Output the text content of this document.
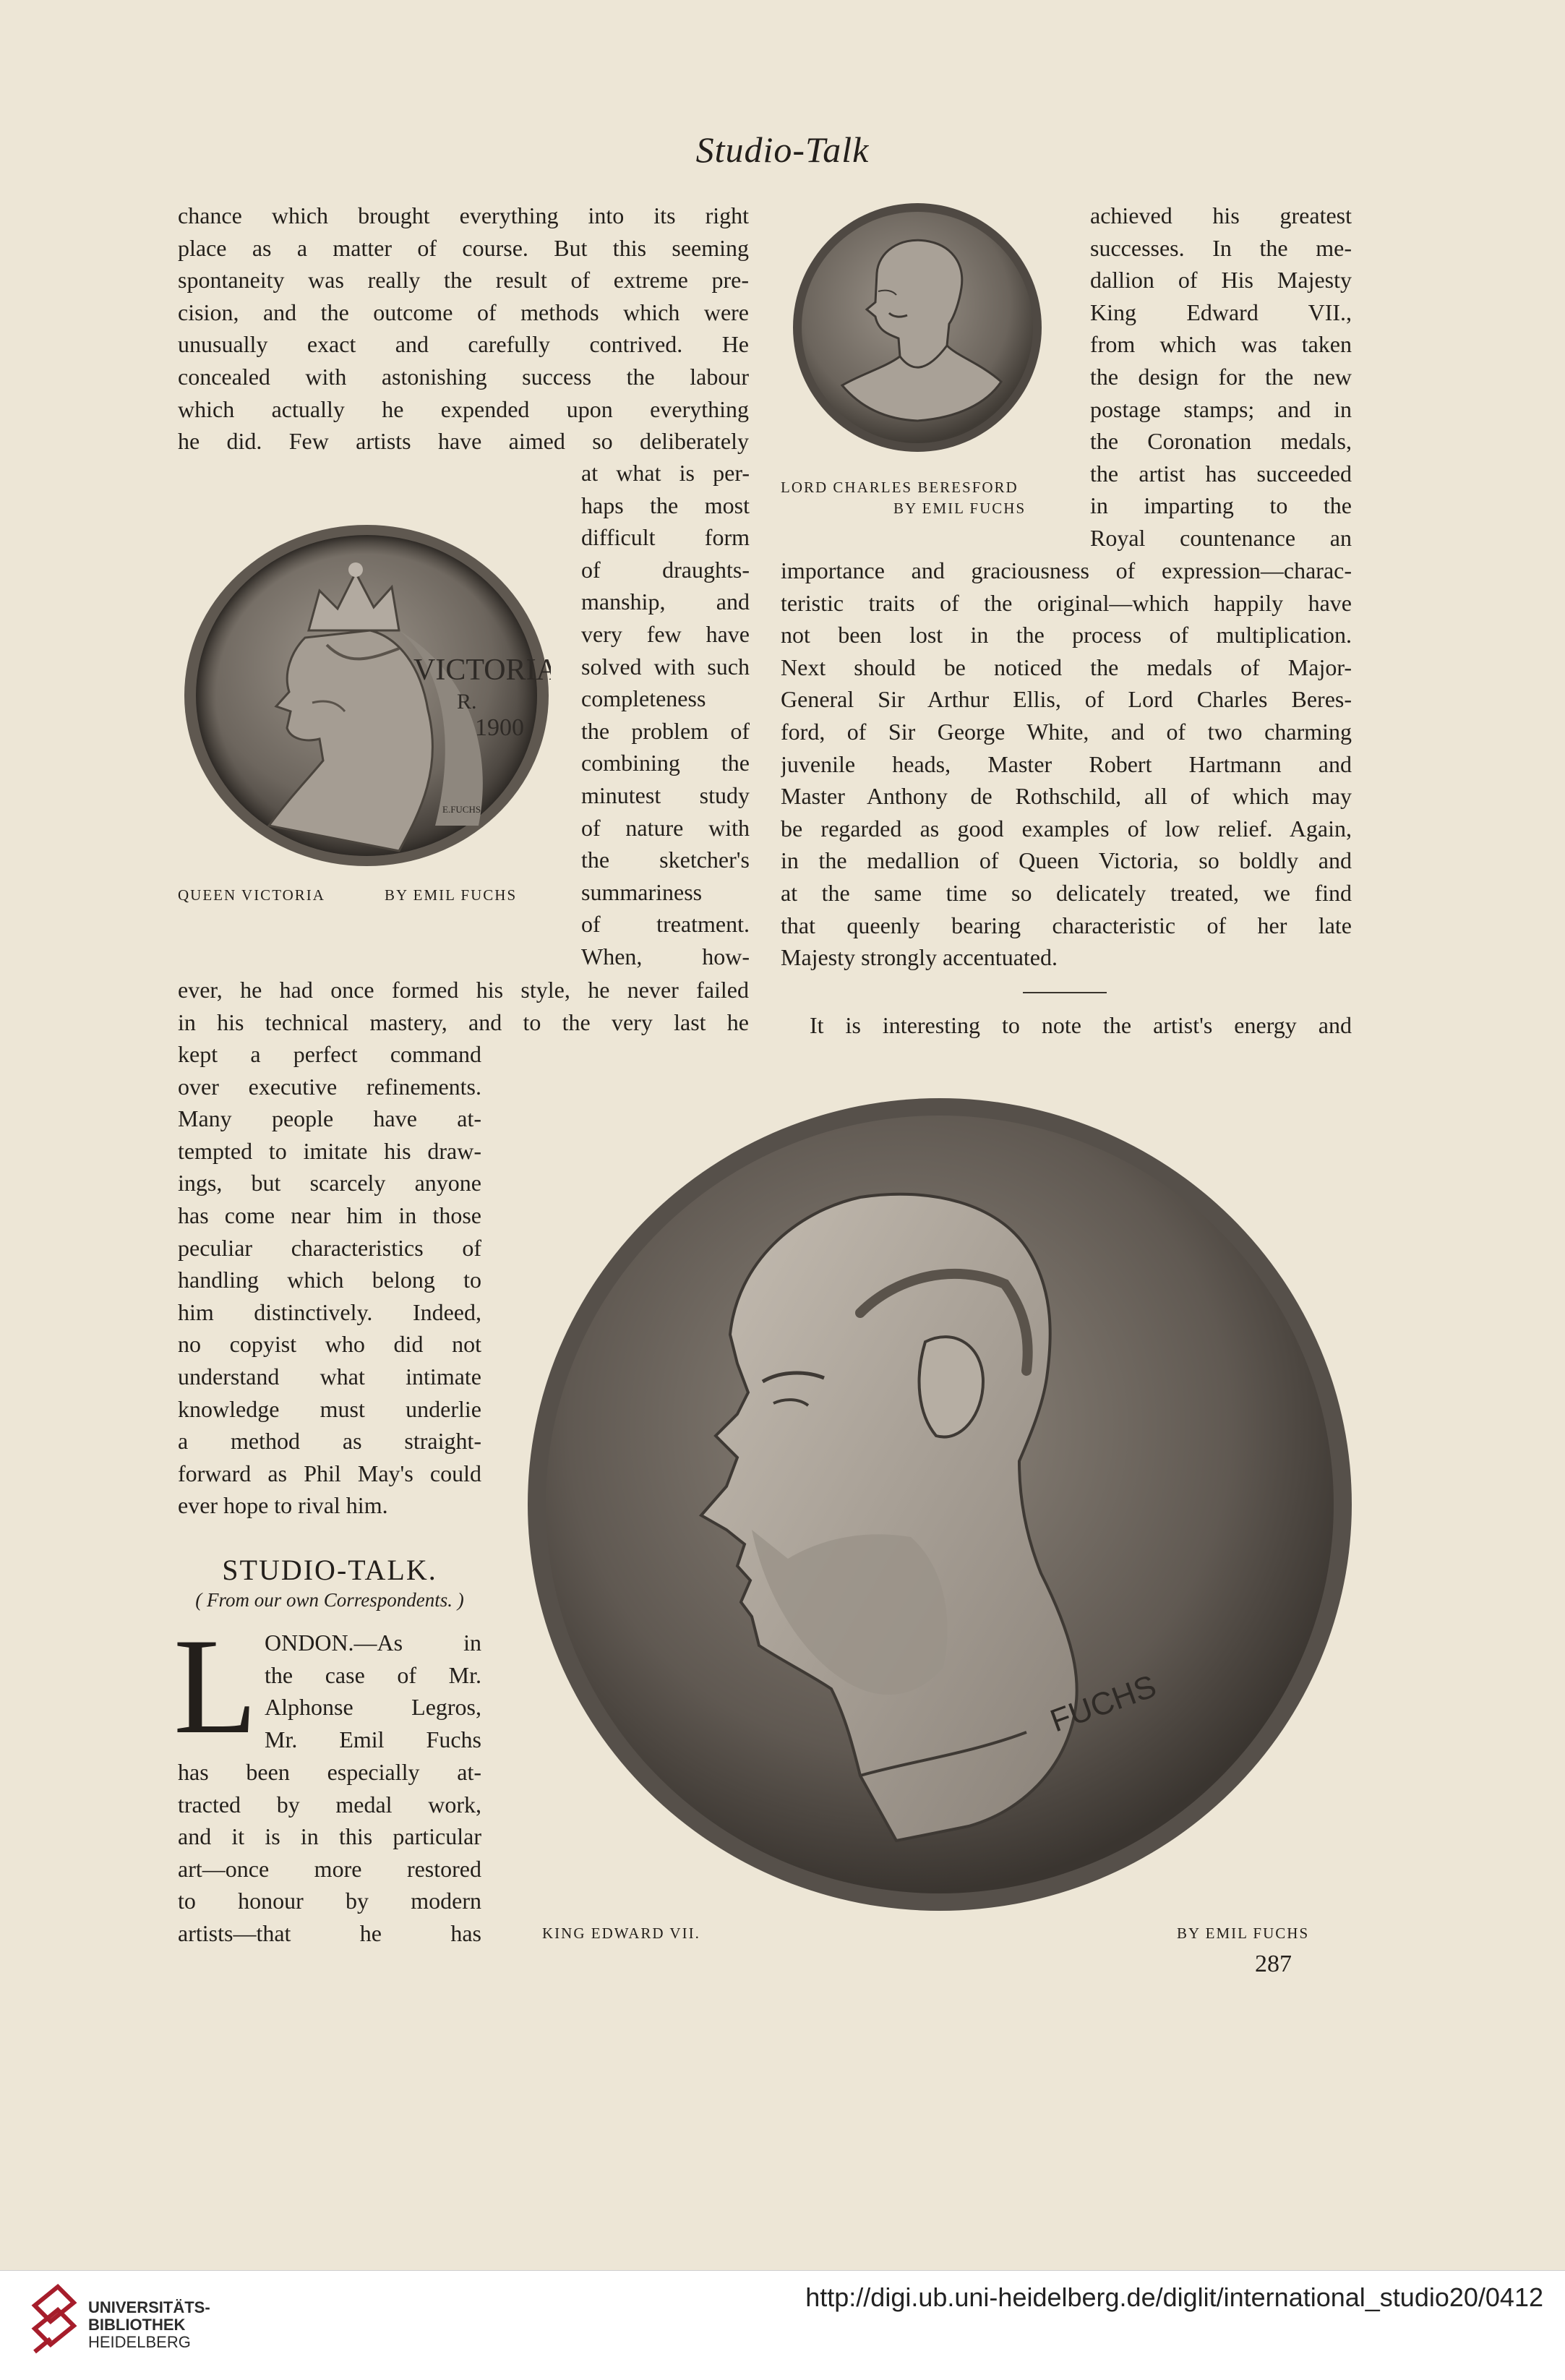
Studio-Talk
chance which brought everything into its right
place as a matter of course. But this seeming
spontaneity was really the result of extreme pre-
cision, and the outcome of methods which were
unusually exact and carefully contrived. He
concealed with astonishing success the labour
which actually he expended upon everything
he did. Few artists have aimed so deliberately
VICTORIA
R.
1900
E.FUCHS
at what is per-
haps the most
difficult form
of draughts-
manship, and
very few have
solved with such
completeness
the problem of
combining the
minutest study
of nature with
the sketcher's
summariness
of treatment.
When, how-
QUEEN VICTORIA	BY EMIL FUCHS
ever, he had once formed his style, he never failed
in his technical mastery, and to the very last he
kept a perfect command
over executive refinements.
Many people have at-
tempted to imitate his draw-
ings, but scarcely anyone
has come near him in those
peculiar characteristics of
handling which belong to
him distinctively. Indeed,
no copyist who did not
understand what intimate
knowledge must underlie
a method as straight-
forward as Phil May's could
ever hope to rival him.
STUDIO-TALK.
( From our own Correspondents. )
L ONDON.—As in
the case of Mr.
Alphonse Legros,
Mr. Emil Fuchs
has been especially at-
tracted by medal work,
and it is in this particular
art—once more restored
to honour by modern
artists—that he has
LORD CHARLES BERESFORD
BY EMIL FUCHS
achieved his greatest
successes. In the me-
dallion of His Majesty
King Edward VII.,
from which was taken
the design for the new
postage stamps; and in
the Coronation medals,
the artist has succeeded
in imparting to the
Royal countenance an
importance and graciousness of expression—charac-
teristic traits of the original—which happily have
not been lost in the process of multiplication.
Next should be noticed the medals of Major-
General Sir Arthur Ellis, of Lord Charles Beres-
ford, of Sir George White, and of two charming
juvenile heads, Master Robert Hartmann and
Master Anthony de Rothschild, all of which may
be regarded as good examples of low relief. Again,
in the medallion of Queen Victoria, so boldly and
at the same time so delicately treated, we find
that queenly bearing characteristic of her late
Majesty strongly accentuated.
It is interesting to note the artist's energy and
FUCHS
KING EDWARD VII.	BY EMIL FUCHS
287
UNIVERSITÄTS-
BIBLIOTHEK
HEIDELBERG
http://digi.ub.uni-heidelberg.de/diglit/international_studio20/0412
